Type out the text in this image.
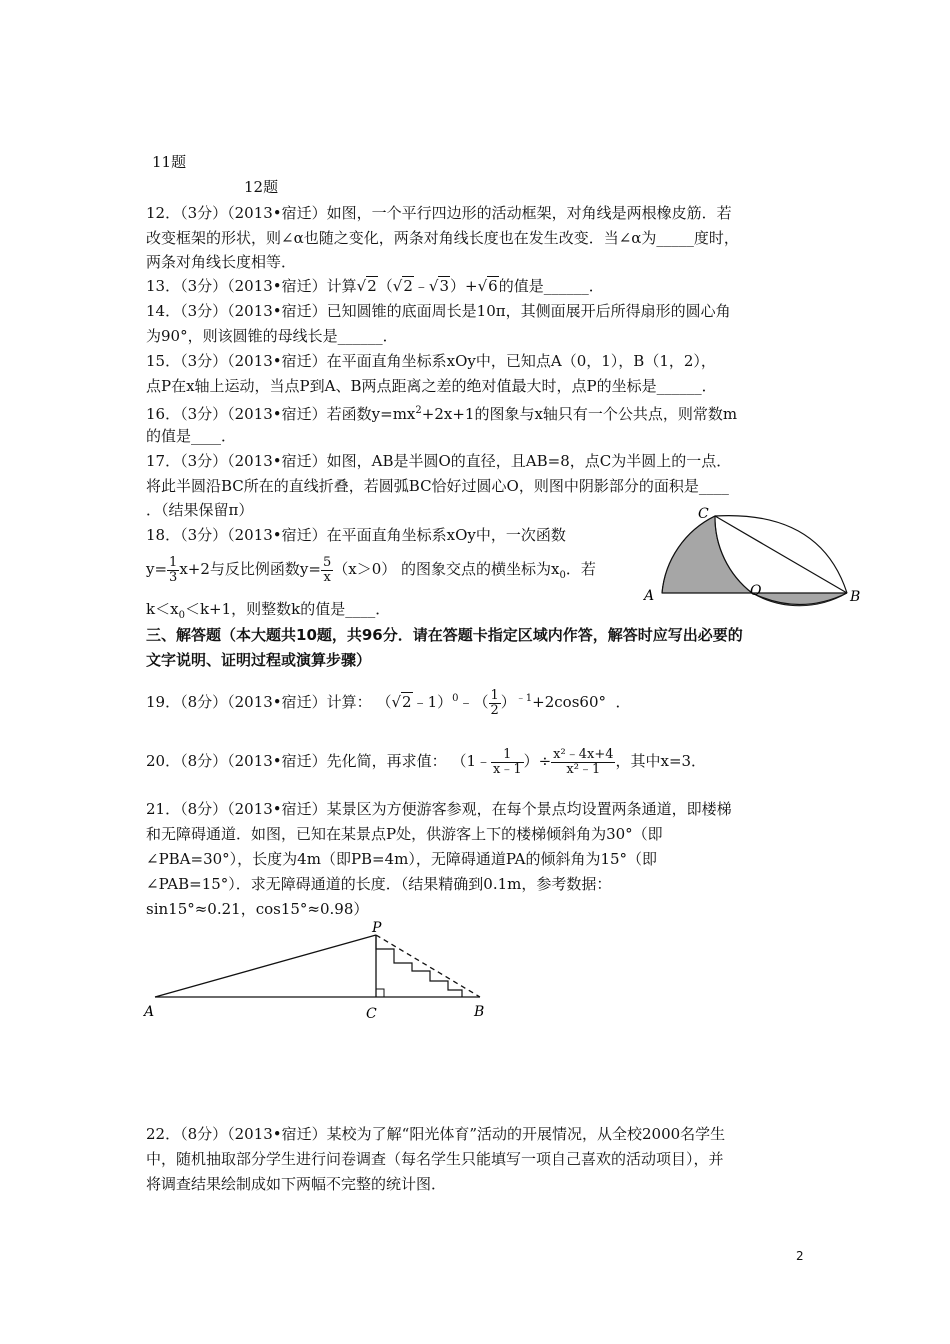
11题
12题
12．（3分）（2013•宿迁）如图，一个平行四边形的活动框架，对角线是两根橡皮筋．若
改变框架的形状，则∠α也随之变化，两条对角线长度也在发生改变．当∠α为_____度时，
两条对角线长度相等．
13．（3分）（2013•宿迁）计算√2（√2﹣√3）+√6的值是______．
14．（3分）（2013•宿迁）已知圆锥的底面周长是10π，其侧面展开后所得扇形的圆心角
为90°，则该圆锥的母线长是______．
15．（3分）（2013•宿迁）在平面直角坐标系xOy中，已知点A（0，1），B（1，2），
点P在x轴上运动，当点P到A、B两点距离之差的绝对值最大时，点P的坐标是______．
16．（3分）（2013•宿迁）若函数$y=mx^2+2x+1$的图象与x轴只有一个公共点，则常数m
的值是____．
17．（3分）（2013•宿迁）如图，AB是半圆O的直径，且AB=8，点C为半圆上的一点．
将此半圆沿BC所在的直线折叠，若圆弧BC恰好过圆心O，则图中阴影部分的面积是____
．（结果保留π）	C
A	O	B
18．（3分）（2013•宿迁）在平面直角坐标系xOy中，一次函数
$y= \frac{1}{3} x+2$与反比例函数$y= \frac{5}{x} (x>0)$ 的图象交点的横坐标为$x_0$．若
$k<x_0<k+1$，则整数k的值是____．
三、解答题（本大题共10题，共96分．请在答题卡指定区域内作答，解答时应写出必要的
文字说明、证明过程或演算步骤）
19．（8分）（2013•宿迁）计算： （√2﹣1）$^0$﹣（ $\frac{1}{2} )^{﹣1}+2\cos 60^\circ$ ．
20．（8分）（2013•宿迁）先化简，再求值： （1﹣ $\frac{1}{x﹣1}$ ）÷ $\frac{\text{x²﹣4x+4}}{\text{x²﹣1}}$ ，其中x=3．
21．（8分）（2013•宿迁）某景区为方便游客参观，在每个景点均设置两条通道，即楼梯
和无障碍通道．如图，已知在某景点P处，供游客上下的楼梯倾斜角为30°（即
∠PBA=30°），长度为4m（即PB=4m），无障碍通道PA的倾斜角为15°（即
∠PAB=15°）．求无障碍通道的长度．（结果精确到0.1m，参考数据：
sin15°≈0.21，cos15°≈0.98）
P
A	C	B
22．（8分）（2013•宿迁）某校为了解“阳光体育”活动的开展情况，从全校2000名学生
中，随机抽取部分学生进行问卷调查（每名学生只能填写一项自己喜欢的活动项目），并
将调查结果绘制成如下两幅不完整的统计图．
2
